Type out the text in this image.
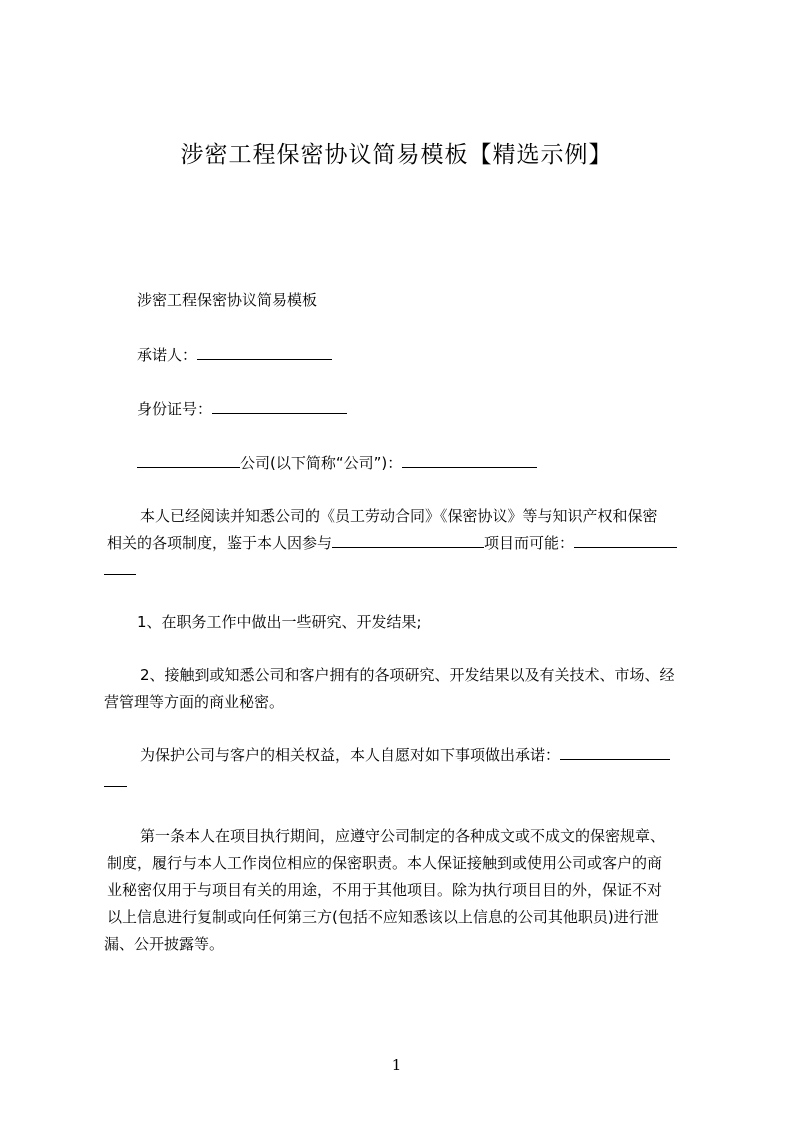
涉密工程保密协议简易模板【精选示例】
涉密工程保密协议简易模板
承诺人：
身份证号：
公司(以下简称“公司”)：
本人已经阅读并知悉公司的《员工劳动合同》《保密协议》等与知识产权和保密
相关的各项制度，鉴于本人因参与	项目而可能：
1、在职务工作中做出一些研究、开发结果;
2、接触到或知悉公司和客户拥有的各项研究、开发结果以及有关技术、市场、经
营管理等方面的商业秘密。
为保护公司与客户的相关权益，本人自愿对如下事项做出承诺：
第一条本人在项目执行期间，应遵守公司制定的各种成文或不成文的保密规章、
制度，履行与本人工作岗位相应的保密职责。本人保证接触到或使用公司或客户的商
业秘密仅用于与项目有关的用途，不用于其他项目。除为执行项目目的外，保证不对
以上信息进行复制或向任何第三方(包括不应知悉该以上信息的公司其他职员)进行泄
漏、公开披露等。
1
